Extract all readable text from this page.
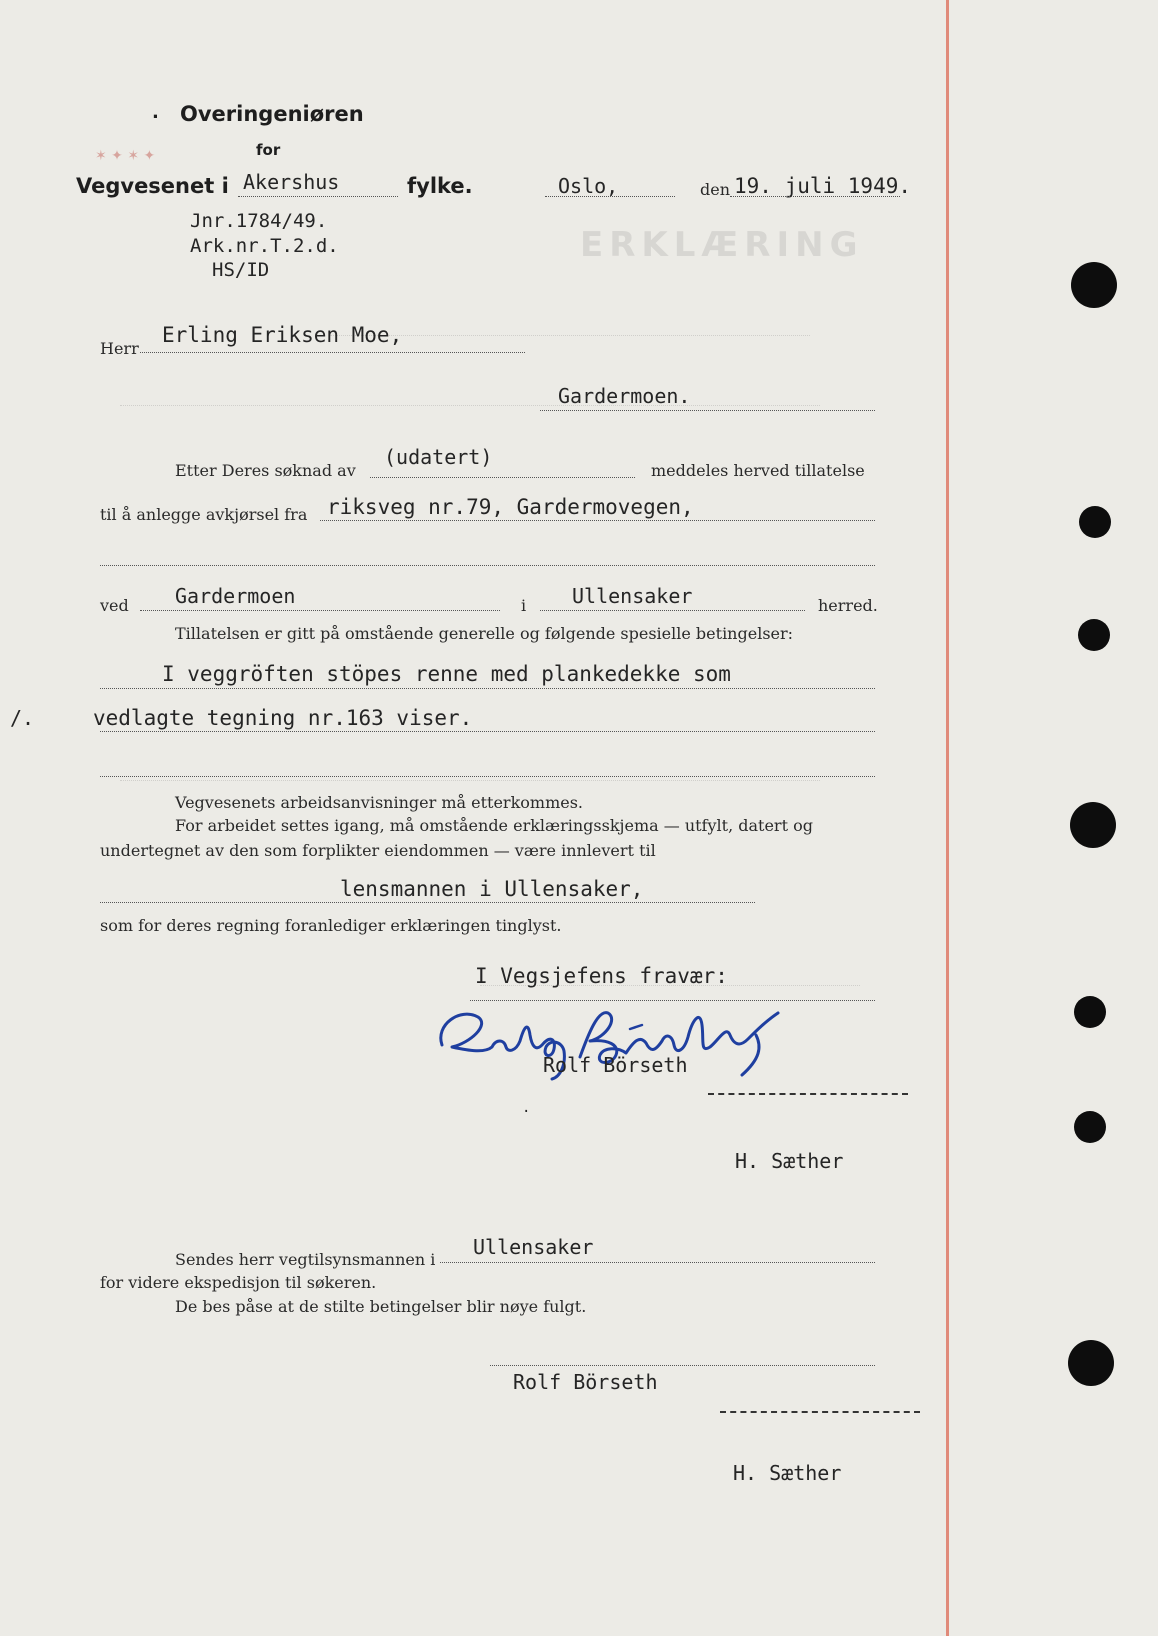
ERKLÆRING
✶ ✦ ✶ ✦
. Overingeniøren
for
Vegvesenet i Akershus	fylke.	Oslo,	den 19. juli 1949.
Jnr.1784/49.
Ark.nr.T.2.d.
HS/ID
Herr
Erling Eriksen Moe,
Gardermoen.
Etter Deres søknad av
(udatert)
meddeles herved tillatelse
til å anlegge avkjørsel fra riksveg nr.79, Gardermovegen,
ved Gardermoen	i Ullensaker	herred.
Tillatelsen er gitt på omstående generelle og følgende spesielle betingelser:
I veggröften stöpes renne med plankedekke som
/.	vedlagte tegning nr.163 viser.
Vegvesenets arbeidsanvisninger må etterkommes.
For arbeidet settes igang, må omstående erklæringsskjema — utfylt, datert og
undertegnet av den som forplikter eiendommen — være innlevert til
lensmannen i Ullensaker,
som for deres regning foranlediger erklæringen tinglyst.
I Vegsjefens fravær:
Rolf Börseth
H. Sæther
·
Sendes herr vegtilsynsmannen i
Ullensaker
for videre ekspedisjon til søkeren.
De bes påse at de stilte betingelser blir nøye fulgt.
Rolf Börseth
H. Sæther
